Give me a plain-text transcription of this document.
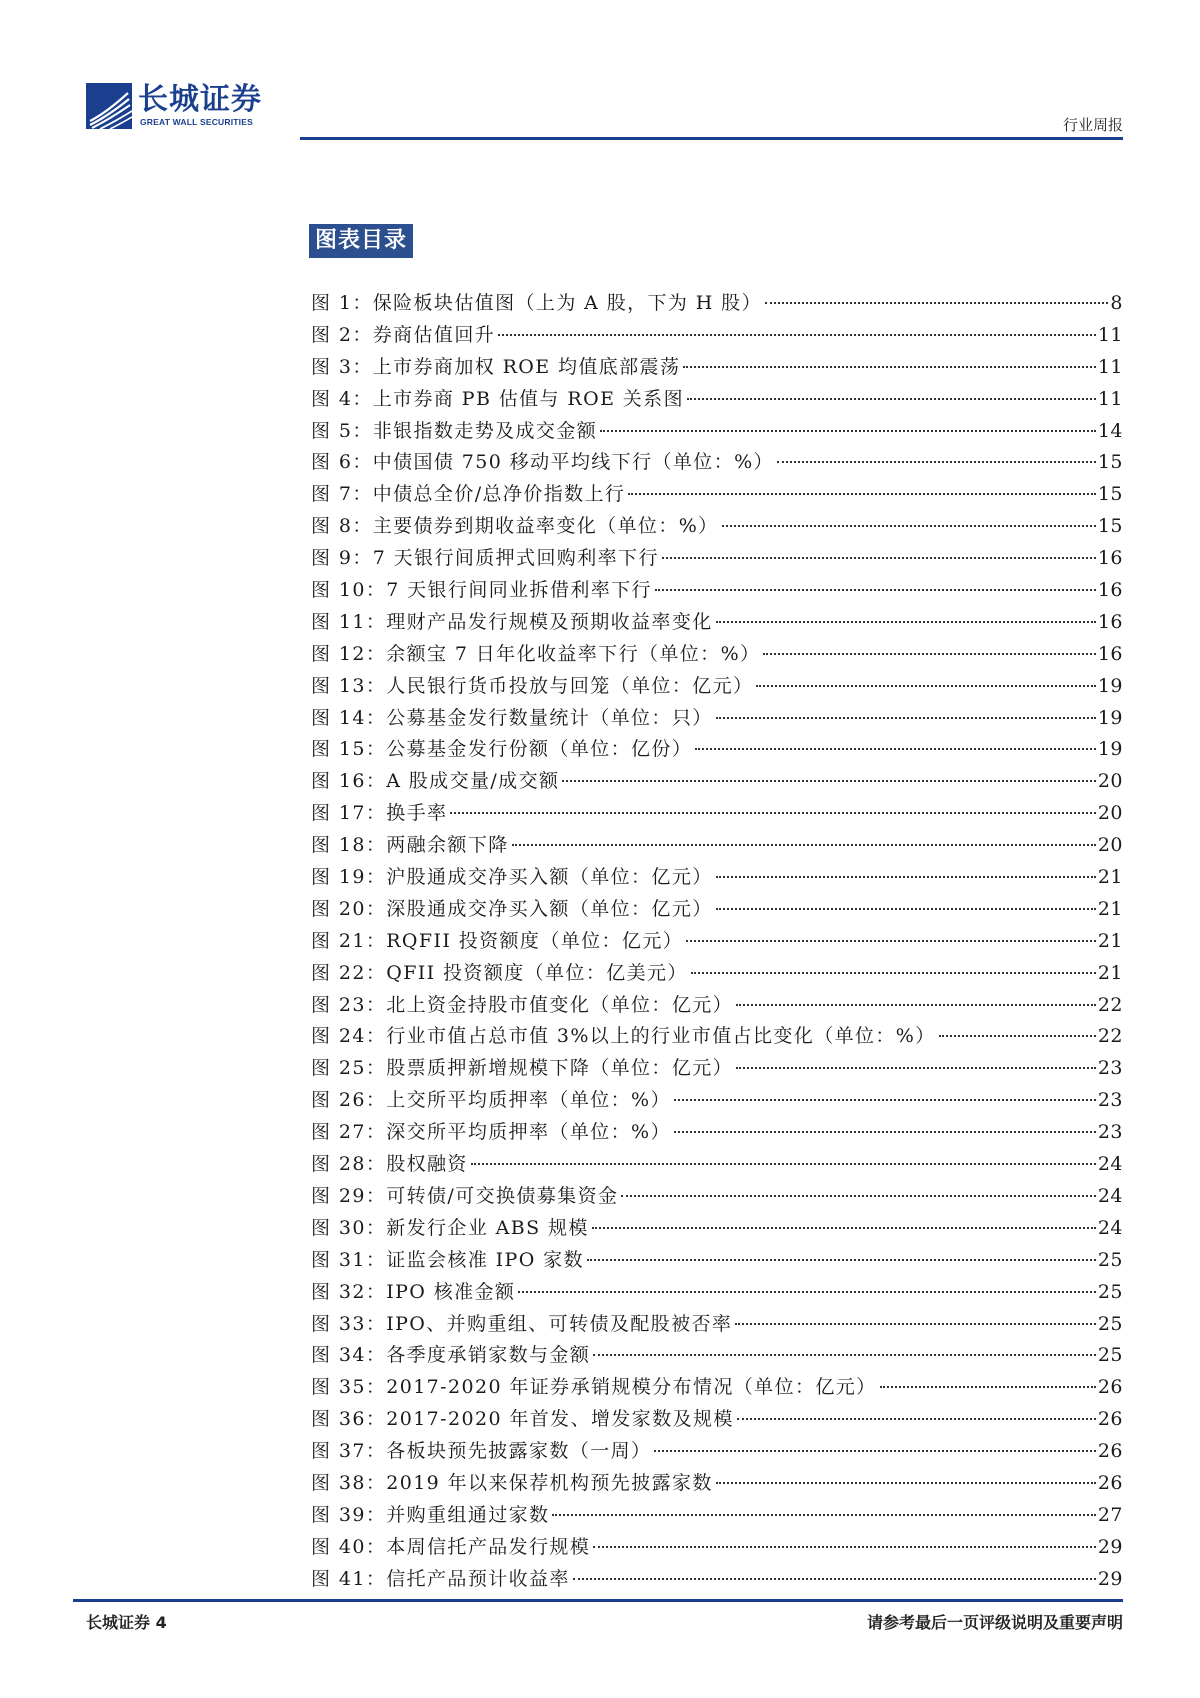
长城证券
GREAT WALL SECURITIES	行业周报
图表目录
图 1：保险板块估值图（上为 A 股，下为 H 股）	8
图 2：券商估值回升	11
图 3：上市券商加权 ROE 均值底部震荡	11
图 4：上市券商 PB 估值与 ROE 关系图	11
图 5：非银指数走势及成交金额	14
图 6：中债国债 750 移动平均线下行（单位：%）	15
图 7：中债总全价/总净价指数上行	15
图 8：主要债券到期收益率变化（单位：%）	15
图 9：7 天银行间质押式回购利率下行	16
图 10：7 天银行间同业拆借利率下行	16
图 11：理财产品发行规模及预期收益率变化	16
图 12：余额宝 7 日年化收益率下行（单位：%）	16
图 13：人民银行货币投放与回笼（单位：亿元）	19
图 14：公募基金发行数量统计（单位：只）	19
图 15：公募基金发行份额（单位：亿份）	19
图 16：A 股成交量/成交额	20
图 17：换手率	20
图 18：两融余额下降	20
图 19：沪股通成交净买入额（单位：亿元）	21
图 20：深股通成交净买入额（单位：亿元）	21
图 21：RQFII 投资额度（单位：亿元）	21
图 22：QFII 投资额度（单位：亿美元）	21
图 23：北上资金持股市值变化（单位：亿元）	22
图 24：行业市值占总市值 3%以上的行业市值占比变化（单位：%）	22
图 25：股票质押新增规模下降（单位：亿元）	23
图 26：上交所平均质押率（单位：%）	23
图 27：深交所平均质押率（单位：%）	23
图 28：股权融资	24
图 29：可转债/可交换债募集资金	24
图 30：新发行企业 ABS 规模	24
图 31：证监会核准 IPO 家数	25
图 32：IPO 核准金额	25
图 33：IPO、并购重组、可转债及配股被否率	25
图 34：各季度承销家数与金额	25
图 35：2017-2020 年证券承销规模分布情况（单位：亿元）	26
图 36：2017-2020 年首发、增发家数及规模	26
图 37：各板块预先披露家数（一周）	26
图 38：2019 年以来保荐机构预先披露家数	26
图 39：并购重组通过家数	27
图 40：本周信托产品发行规模	29
图 41：信托产品预计收益率	29
长城证券 4	请参考最后一页评级说明及重要声明
